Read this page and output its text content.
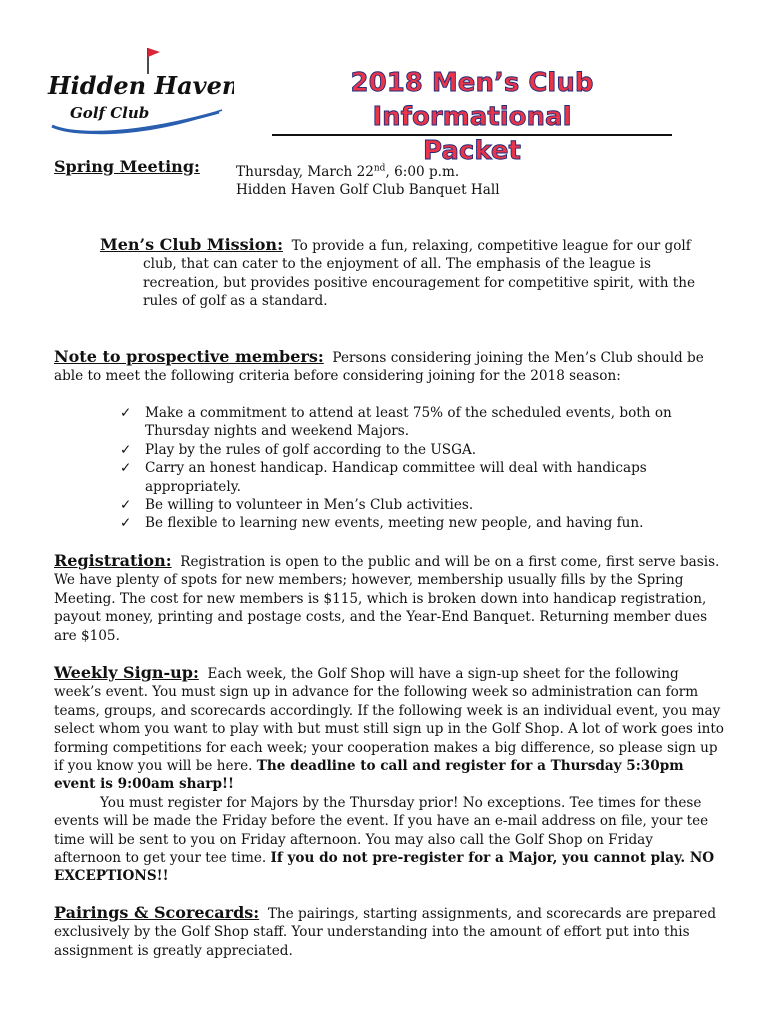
Hidden Haven
Golf Club
2018 Men’s Club Informational
Packet
Spring Meeting:	Thursday, March 22nd, 6:00 p.m.
Hidden Haven Golf Club Banquet Hall
Men’s Club Mission: To provide a fun, relaxing, competitive league for our golf
club, that can cater to the enjoyment of all. The emphasis of the league is recreation, but provides positive encouragement for competitive spirit, with the rules of golf as a standard.
Note to prospective members: Persons considering joining the Men’s Club should be able to meet the following criteria before considering joining for the 2018 season:
✓ Make a commitment to attend at least 75% of the scheduled events, both on Thursday nights and weekend Majors.
✓ Play by the rules of golf according to the USGA.
✓ Carry an honest handicap. Handicap committee will deal with handicaps appropriately.
✓ Be willing to volunteer in Men’s Club activities.
✓ Be flexible to learning new events, meeting new people, and having fun.
Registration: Registration is open to the public and will be on a first come, first serve basis. We have plenty of spots for new members; however, membership usually fills by the Spring Meeting. The cost for new members is $115, which is broken down into handicap registration, payout money, printing and postage costs, and the Year-End Banquet. Returning member dues are $105.
Weekly Sign-up: Each week, the Golf Shop will have a sign-up sheet for the following week’s event. You must sign up in advance for the following week so administration can form teams, groups, and scorecards accordingly. If the following week is an individual event, you may select whom you want to play with but must still sign up in the Golf Shop. A lot of work goes into forming competitions for each week; your cooperation makes a big difference, so please sign up if you know you will be here. The deadline to call and register for a Thursday 5:30pm event is 9:00am sharp!!
You must register for Majors by the Thursday prior! No exceptions. Tee times for these events will be made the Friday before the event. If you have an e-mail address on file, your tee time will be sent to you on Friday afternoon. You may also call the Golf Shop on Friday afternoon to get your tee time. If you do not pre-register for a Major, you cannot play. NO EXCEPTIONS!!
Pairings & Scorecards: The pairings, starting assignments, and scorecards are prepared exclusively by the Golf Shop staff. Your understanding into the amount of effort put into this assignment is greatly appreciated.
